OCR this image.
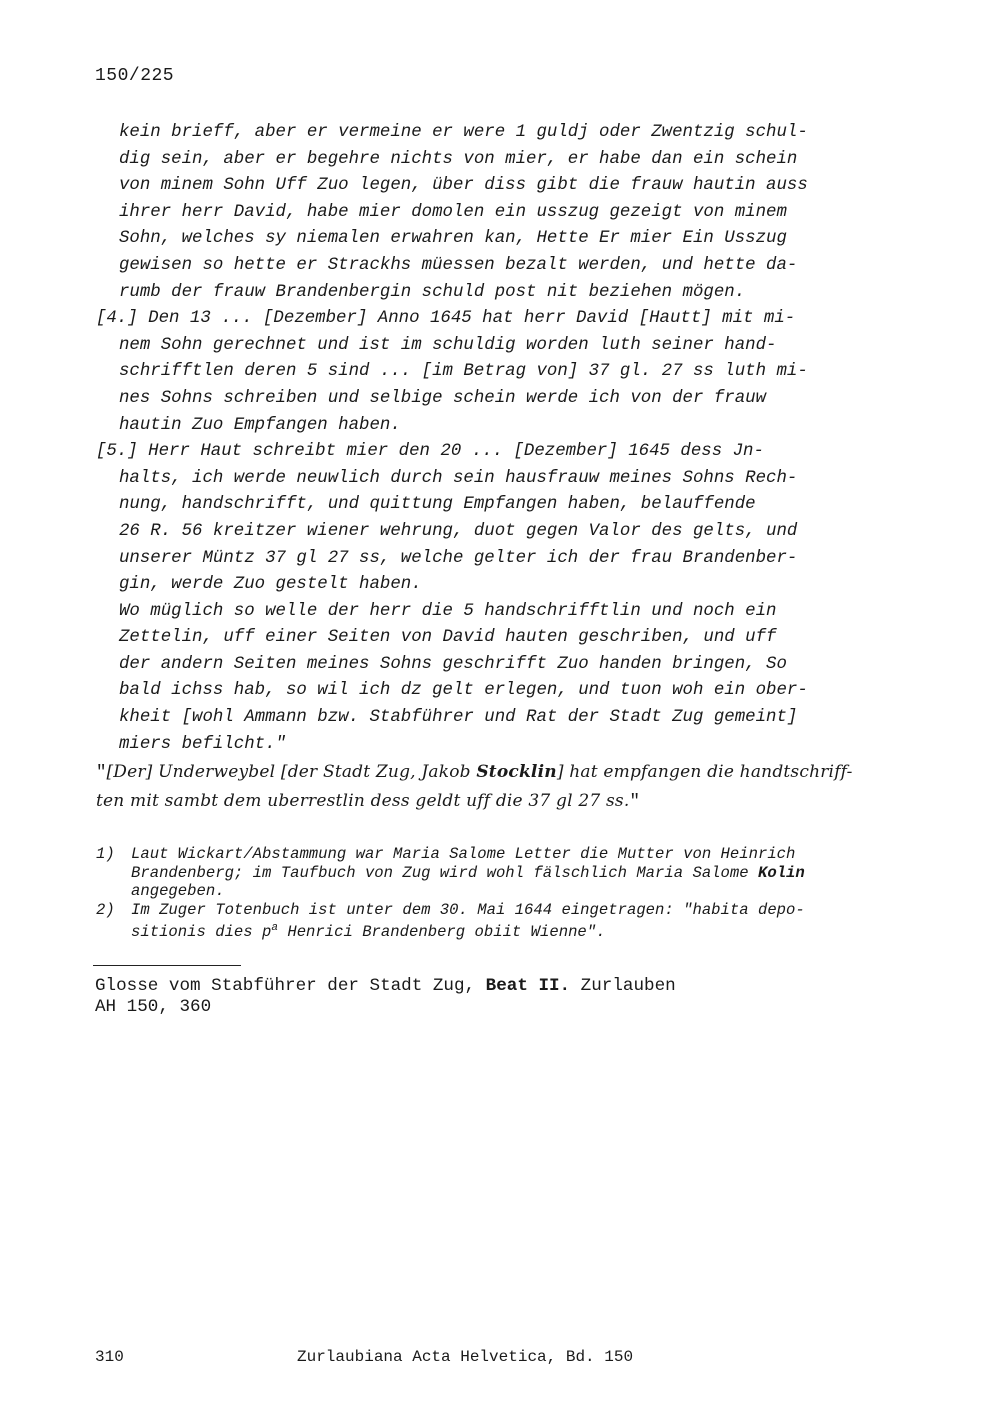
150/225
kein brieff, aber er vermeine er were 1 guldj oder Zwentzig schul-
dig sein, aber er begehre nichts von mier, er habe dan ein schein
von minem Sohn Uff Zuo legen, über diss gibt die frauw hautin auss
ihrer herr David, habe mier domolen ein usszug gezeigt von minem
Sohn, welches sy niemalen erwahren kan, Hette Er mier Ein Usszug
gewisen so hette er Strackhs müessen bezalt werden, und hette da-
rumb der frauw Brandenbergin schuld post nit beziehen mögen.
[4.] Den 13 ... [Dezember] Anno 1645 hat herr David [Hautt] mit mi-
nem Sohn gerechnet und ist im schuldig worden luth seiner hand-
schrifftlen deren 5 sind ... [im Betrag von] 37 gl. 27 ss luth mi-
nes Sohns schreiben und selbige schein werde ich von der frauw
hautin Zuo Empfangen haben.
[5.] Herr Haut schreibt mier den 20 ... [Dezember] 1645 dess Jn-
halts, ich werde neuwlich durch sein hausfrauw meines Sohns Rech-
nung, handschrifft, und quittung Empfangen haben, belauffende
26 R. 56 kreitzer wiener wehrung, duot gegen Valor des gelts, und
unserer Müntz 37 gl 27 ss, welche gelter ich der frau Brandenber-
gin, werde Zuo gestelt haben.
Wo müglich so welle der herr die 5 handschrifftlin und noch ein
Zettelin, uff einer Seiten von David hauten geschriben, und uff
der andern Seiten meines Sohns geschrifft Zuo handen bringen, So
bald ichss hab, so wil ich dz gelt erlegen, und tuon woh ein ober-
kheit [wohl Ammann bzw. Stabführer und Rat der Stadt Zug gemeint]
miers befilcht."
"[Der] Underweybel [der Stadt Zug, Jakob Stocklin] hat empfangen die handtschriff-
ten mit sambt dem uberrestlin dess geldt uff die 37 gl 27 ss."
1)	Laut Wickart/Abstammung war Maria Salome Letter die Mutter von Heinrich
Brandenberg; im Taufbuch von Zug wird wohl fälschlich Maria Salome Kolin
angegeben.
2)	Im Zuger Totenbuch ist unter dem 30. Mai 1644 eingetragen: "habita depo-
sitionis dies $p^a$ Henrici Brandenberg obiit Wienne".
Glosse vom Stabführer der Stadt Zug, Beat II. Zurlauben
AH 150, 360
310	Zurlaubiana Acta Helvetica, Bd. 150
